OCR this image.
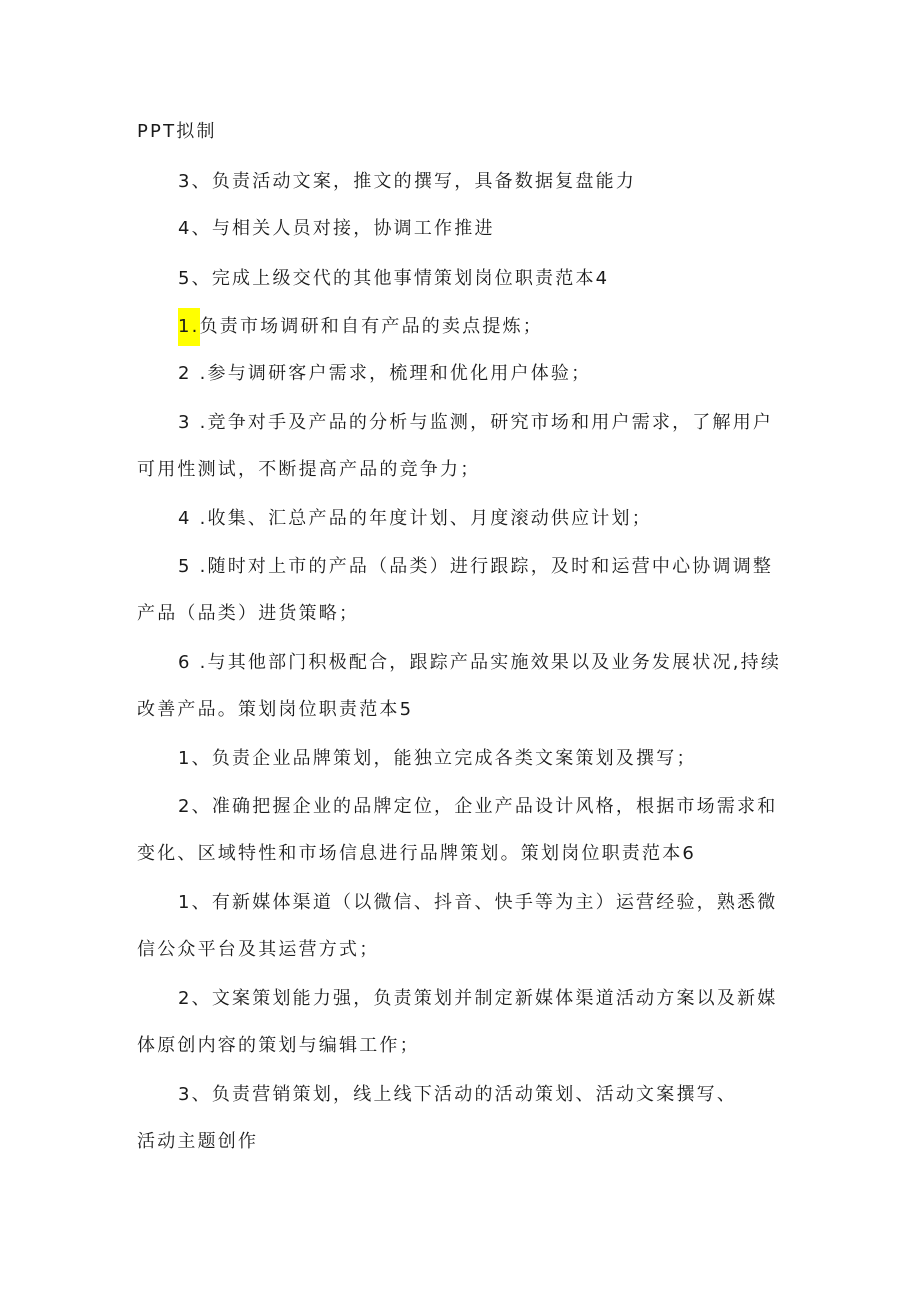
PPT拟制
3、负责活动文案，推文的撰写，具备数据复盘能力
4、与相关人员对接，协调工作推进
5、完成上级交代的其他事情策划岗位职责范本4
1.负责市场调研和自有产品的卖点提炼；
2 .参与调研客户需求，梳理和优化用户体验；
3 .竞争对手及产品的分析与监测，研究市场和用户需求，了解用户
可用性测试，不断提高产品的竞争力；
4 .收集、汇总产品的年度计划、月度滚动供应计划；
5 .随时对上市的产品（品类）进行跟踪，及时和运营中心协调调整
产品（品类）进货策略；
6 .与其他部门积极配合，跟踪产品实施效果以及业务发展状况,持续
改善产品。策划岗位职责范本5
1、负责企业品牌策划，能独立完成各类文案策划及撰写；
2、准确把握企业的品牌定位，企业产品设计风格，根据市场需求和
变化、区域特性和市场信息进行品牌策划。策划岗位职责范本6
1、有新媒体渠道（以微信、抖音、快手等为主）运营经验，熟悉微
信公众平台及其运营方式；
2、文案策划能力强，负责策划并制定新媒体渠道活动方案以及新媒
体原创内容的策划与编辑工作；
3、负责营销策划，线上线下活动的活动策划、活动文案撰写、
活动主题创作
